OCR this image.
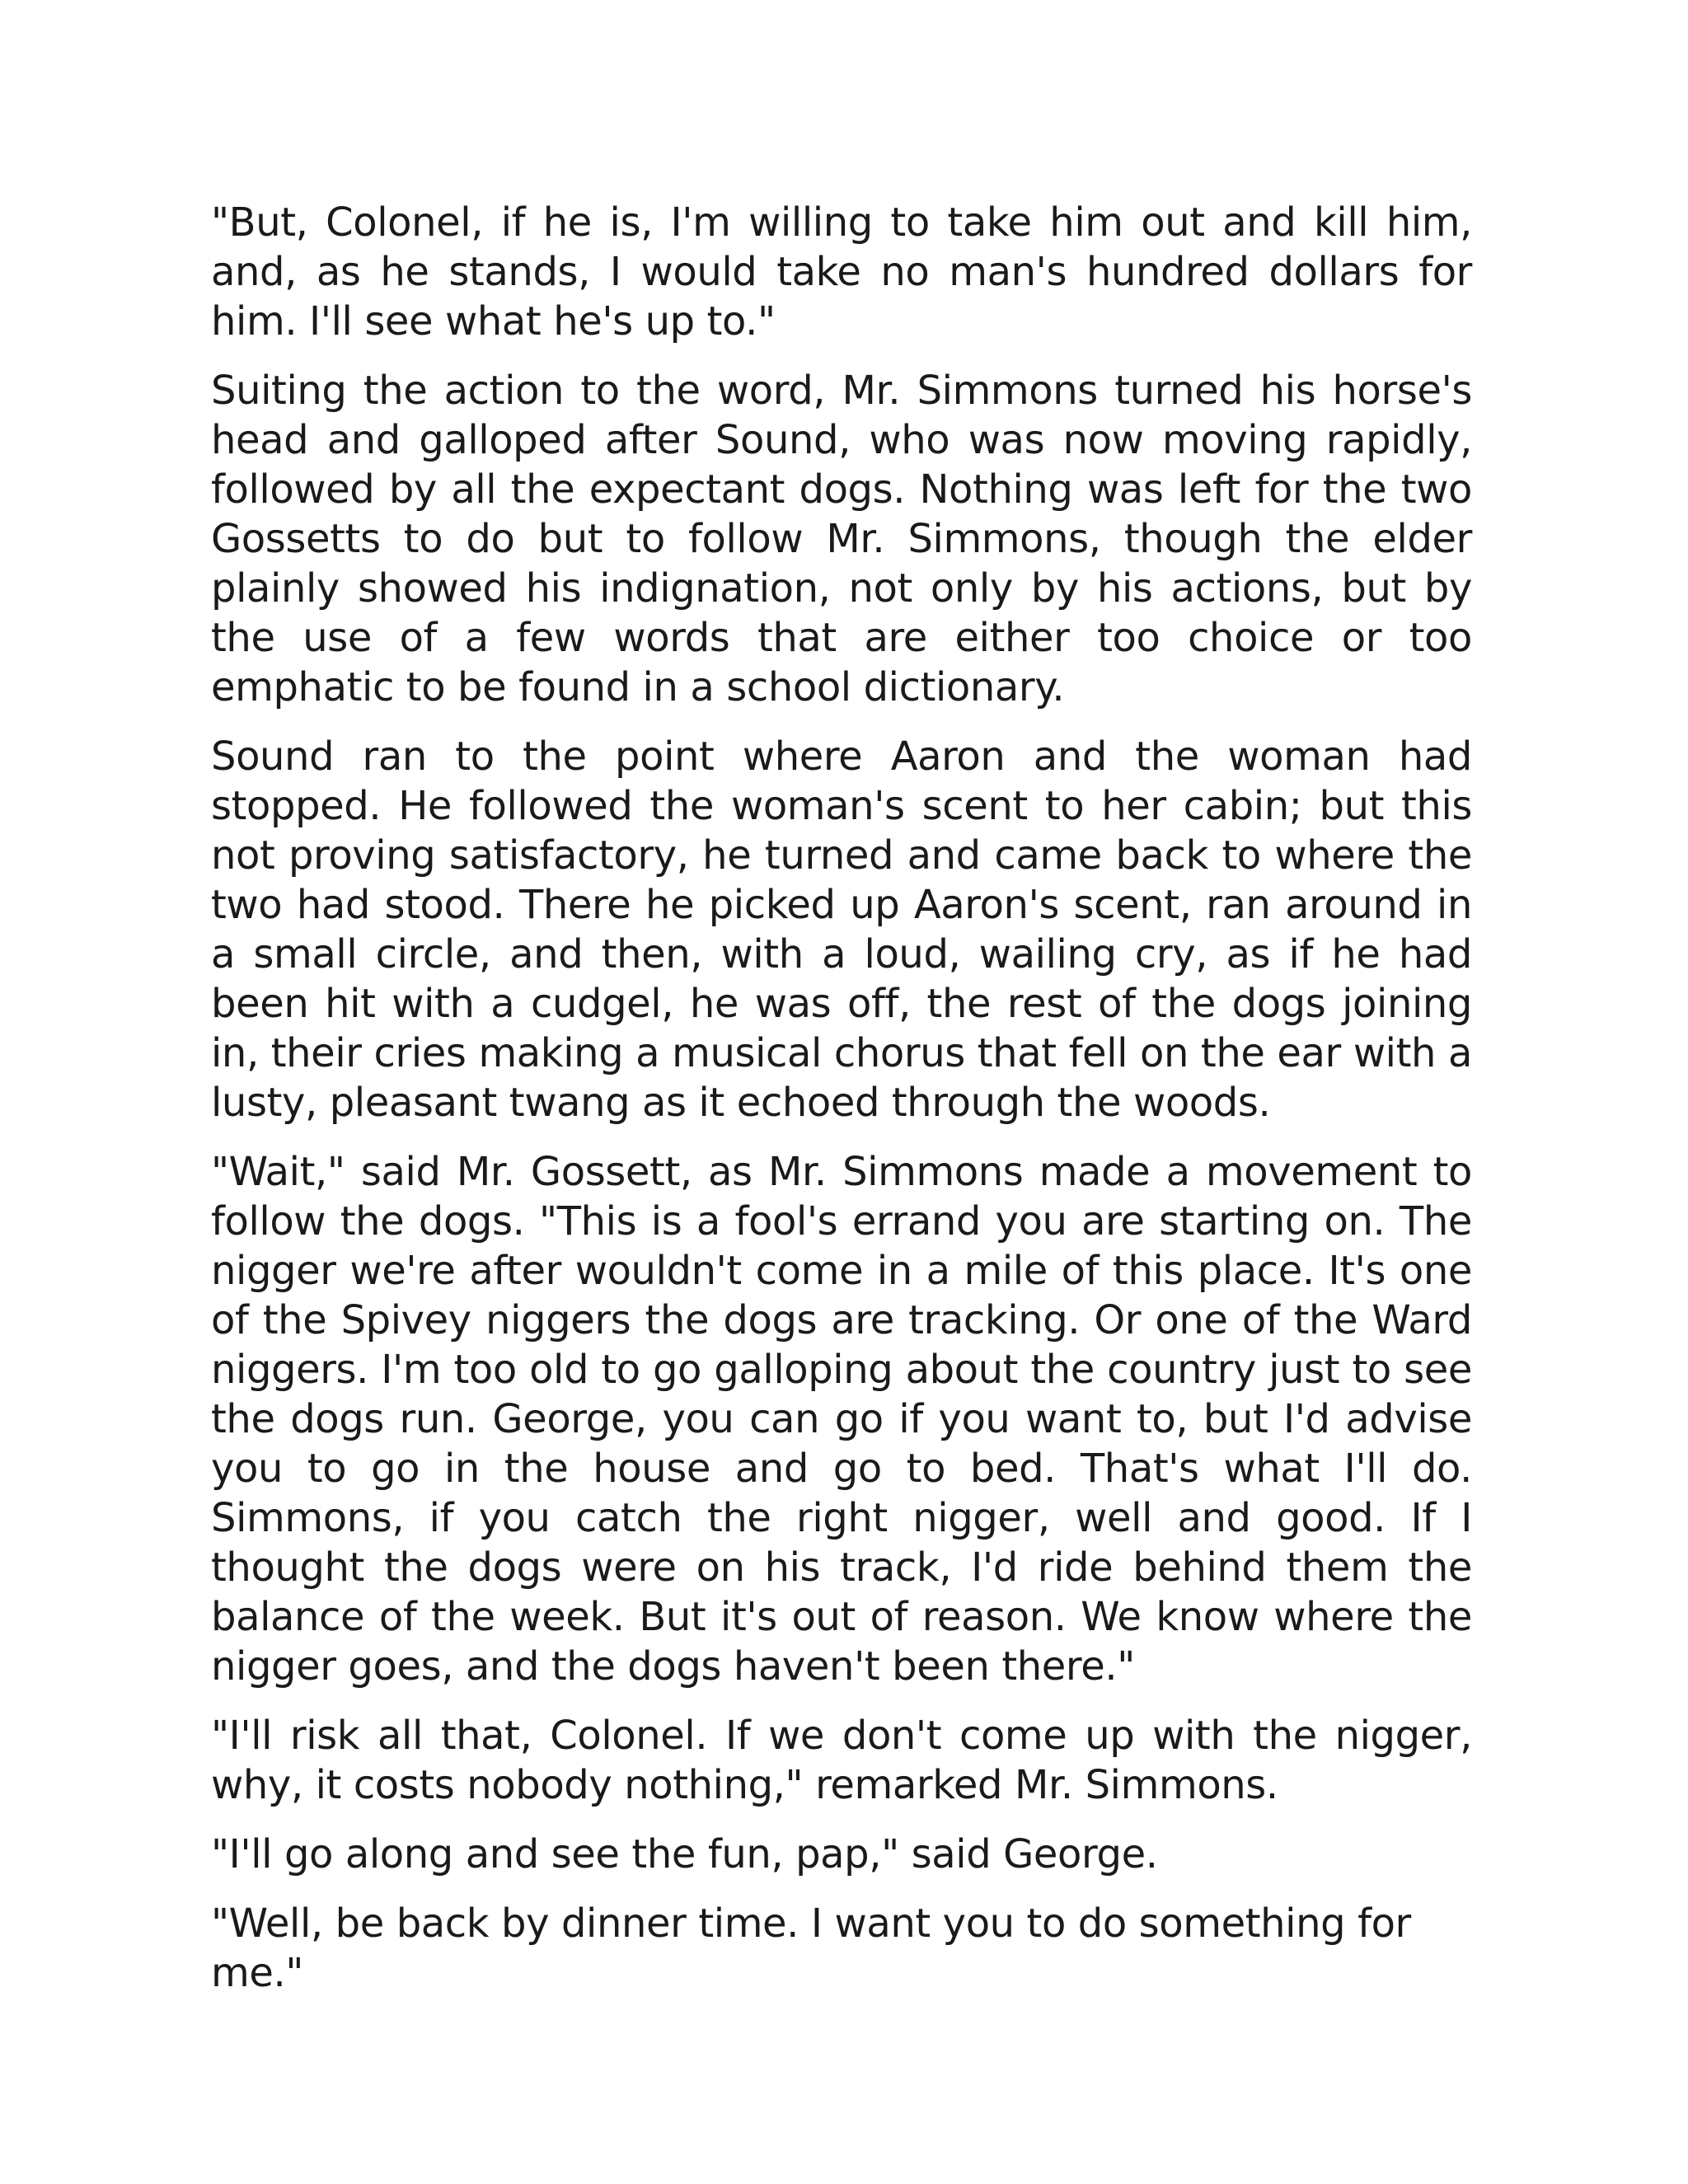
"But, Colonel, if he is, I'm willing to take him out and kill him, and, as he stands, I would take no man's hundred dollars for him. I'll see what he's up to."

Suiting the action to the word, Mr. Simmons turned his horse's head and galloped after Sound, who was now moving rapidly, followed by all the expectant dogs. Nothing was left for the two Gossetts to do but to follow Mr. Simmons, though the elder plainly showed his indignation, not only by his actions, but by the use of a few words that are either too choice or too emphatic to be found in a school dictionary.

Sound ran to the point where Aaron and the woman had stopped. He followed the woman's scent to her cabin; but this not proving satisfactory, he turned and came back to where the two had stood. There he picked up Aaron's scent, ran around in a small circle, and then, with a loud, wailing cry, as if he had been hit with a cudgel, he was off, the rest of the dogs joining in, their cries making a musical chorus that fell on the ear with a lusty, pleasant twang as it echoed through the woods.

"Wait," said Mr. Gossett, as Mr. Simmons made a movement to follow the dogs. "This is a fool's errand you are starting on. The nigger we're after wouldn't come in a mile of this place. It's one of the Spivey niggers the dogs are tracking. Or one of the Ward niggers. I'm too old to go galloping about the country just to see the dogs run. George, you can go if you want to, but I'd advise you to go in the house and go to bed. That's what I'll do. Simmons, if you catch the right nigger, well and good. If I thought the dogs were on his track, I'd ride behind them the balance of the week. But it's out of reason. We know where the nigger goes, and the dogs haven't been there."

"I'll risk all that, Colonel. If we don't come up with the nigger, why, it costs nobody nothing," remarked Mr. Simmons.

"I'll go along and see the fun, pap," said George.

"Well, be back by dinner time. I want you to do something for me."
